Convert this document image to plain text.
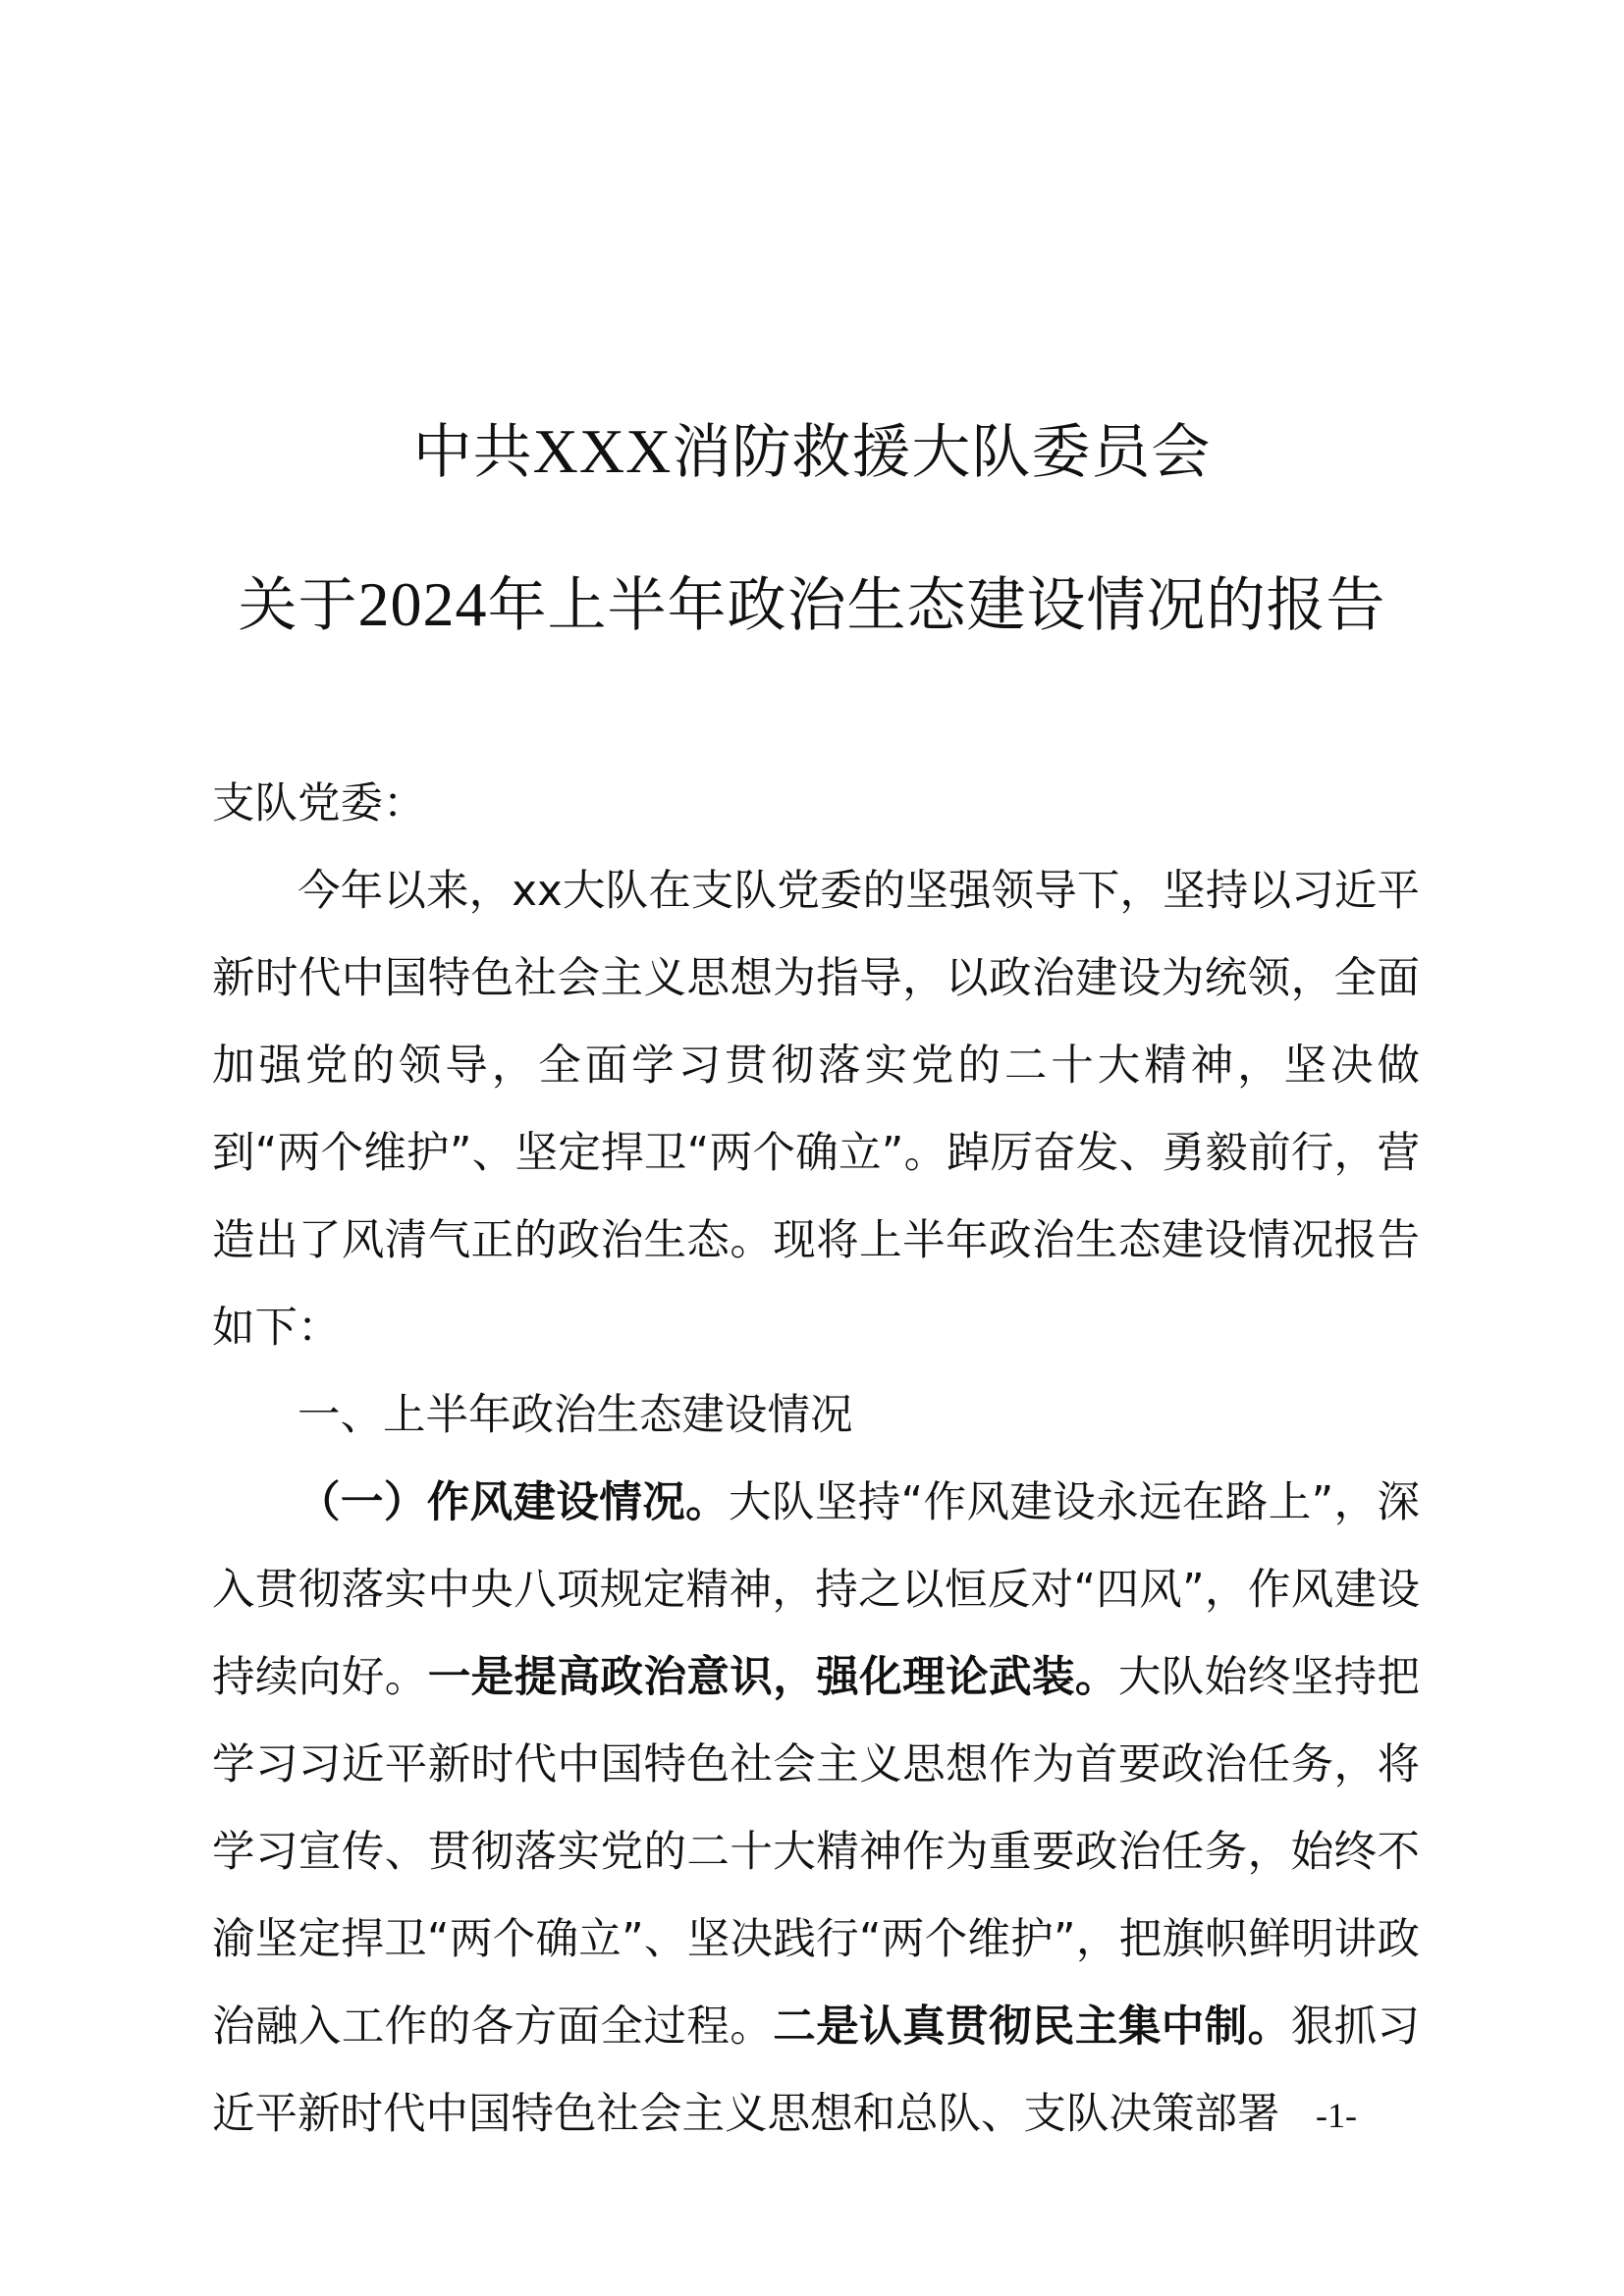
中共XXX消防救援大队委员会
关于2024年上半年政治生态建设情况的报告

支队党委：

今年以来，xx大队在支队党委的坚强领导下，坚持以习近平新时代中国特色社会主义思想为指导，以政治建设为统领，全面加强党的领导，全面学习贯彻落实党的二十大精神，坚决做到“两个维护”、坚定捍卫“两个确立”。踔厉奋发、勇毅前行，营造出了风清气正的政治生态。现将上半年政治生态建设情况报告如下：

一、上半年政治生态建设情况

（一）作风建设情况。大队坚持“作风建设永远在路上”，深入贯彻落实中央八项规定精神，持之以恒反对“四风”，作风建设持续向好。一是提高政治意识，强化理论武装。大队始终坚持把学习习近平新时代中国特色社会主义思想作为首要政治任务，将学习宣传、贯彻落实党的二十大精神作为重要政治任务，始终不渝坚定捍卫“两个确立”、坚决践行“两个维护”，把旗帜鲜明讲政治融入工作的各方面全过程。二是认真贯彻民主集中制。狠抓习近平新时代中国特色社会主义思想和总队、支队决策部署	-1-
